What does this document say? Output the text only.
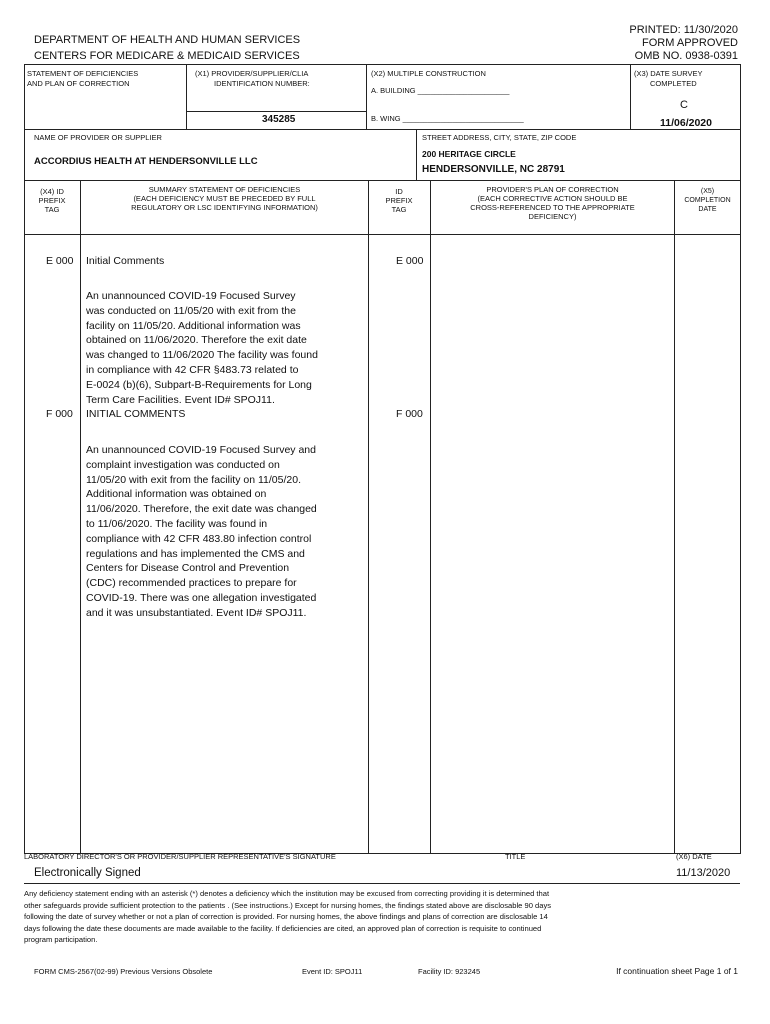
DEPARTMENT OF HEALTH AND HUMAN SERVICES
CENTERS FOR MEDICARE & MEDICAID SERVICES
PRINTED: 11/30/2020
FORM APPROVED
OMB NO. 0938-0391
STATEMENT OF DEFICIENCIES
AND PLAN OF CORRECTION
(X1) PROVIDER/SUPPLIER/CLIA
IDENTIFICATION NUMBER:
345285
(X2) MULTIPLE CONSTRUCTION
A. BUILDING ______________________
B. WING _____________________________
(X3) DATE SURVEY
COMPLETED
C
11/06/2020
NAME OF PROVIDER OR SUPPLIER
ACCORDIUS HEALTH AT HENDERSONVILLE LLC
STREET ADDRESS, CITY, STATE, ZIP CODE
200 HERITAGE CIRCLE
HENDERSONVILLE, NC 28791
(X4) ID
PREFIX
TAG
SUMMARY STATEMENT OF DEFICIENCIES
(EACH DEFICIENCY MUST BE PRECEDED BY FULL
REGULATORY OR LSC IDENTIFYING INFORMATION)
ID
PREFIX
TAG
PROVIDER'S PLAN OF CORRECTION
(EACH CORRECTIVE ACTION SHOULD BE
CROSS-REFERENCED TO THE APPROPRIATE
DEFICIENCY)
(X5)
COMPLETION
DATE
E 000 Initial Comments	E 000
An unannounced COVID-19 Focused Survey
was conducted on 11/05/20 with exit from the
facility on 11/05/20. Additional information was
obtained on 11/06/2020. Therefore the exit date
was changed to 11/06/2020 The facility was found
in compliance with 42 CFR §483.73 related to
E-0024 (b)(6), Subpart-B-Requirements for Long
Term Care Facilities. Event ID# SPOJ11.
F 000 INITIAL COMMENTS	F 000
An unannounced COVID-19 Focused Survey and
complaint investigation was conducted on
11/05/20 with exit from the facility on 11/05/20.
Additional information was obtained on
11/06/2020. Therefore, the exit date was changed
to 11/06/2020. The facility was found in
compliance with 42 CFR 483.80 infection control
regulations and has implemented the CMS and
Centers for Disease Control and Prevention
(CDC) recommended practices to prepare for
COVID-19. There was one allegation investigated
and it was unsubstantiated. Event ID# SPOJ11.
LABORATORY DIRECTOR'S OR PROVIDER/SUPPLIER REPRESENTATIVE'S SIGNATURE	TITLE	(X6) DATE
Electronically Signed	11/13/2020
Any deficiency statement ending with an asterisk (*) denotes a deficiency which the institution may be excused from correcting providing it is determined that
other safeguards provide sufficient protection to the patients . (See instructions.) Except for nursing homes, the findings stated above are disclosable 90 days
following the date of survey whether or not a plan of correction is provided. For nursing homes, the above findings and plans of correction are disclosable 14
days following the date these documents are made available to the facility. If deficiencies are cited, an approved plan of correction is requisite to continued
program participation.
FORM CMS-2567(02-99) Previous Versions Obsolete	Event ID: SPOJ11	Facility ID: 923245	If continuation sheet Page 1 of 1
